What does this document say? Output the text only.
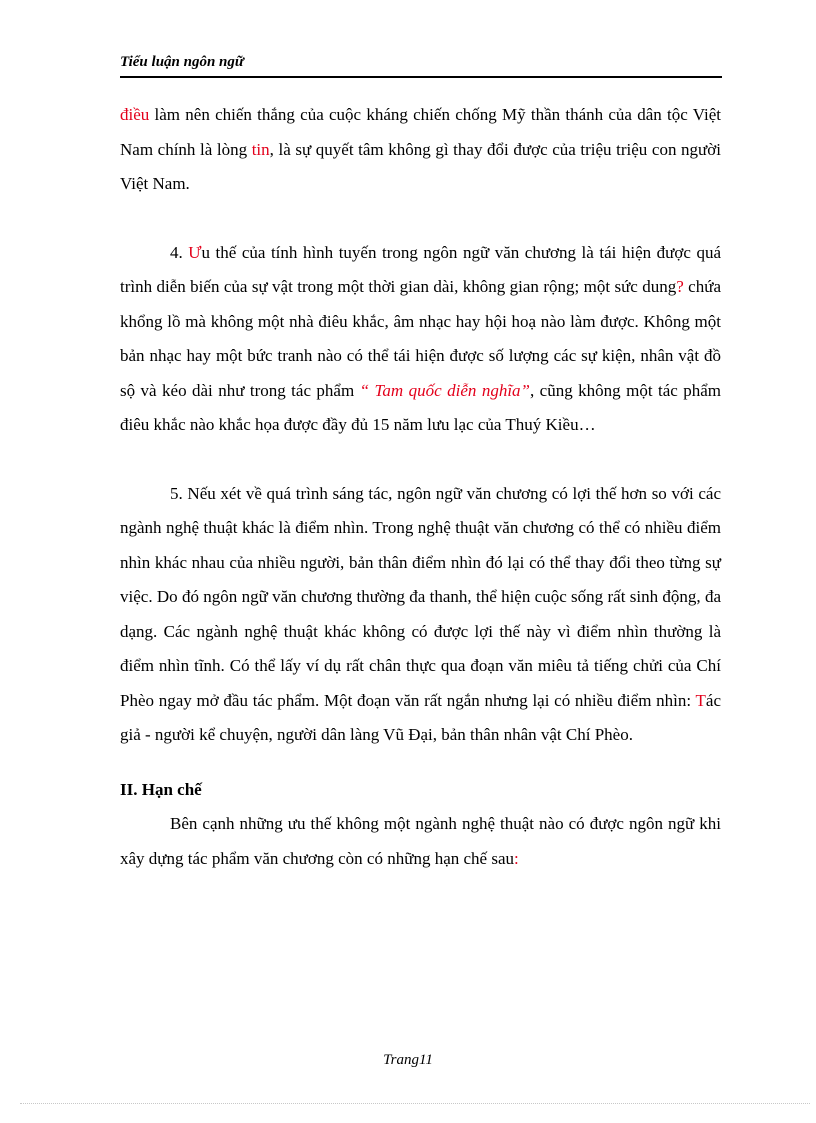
Tiểu luận ngôn ngữ

điều làm nên chiến thắng của cuộc kháng chiến chống Mỹ thần thánh của dân tộc Việt Nam chính là lòng tin, là sự quyết tâm không gì thay đổi được của triệu triệu con người Việt Nam.

4. Ưu thế của tính hình tuyến trong ngôn ngữ văn chương là tái hiện được quá trình diễn biến của sự vật trong một thời gian dài, không gian rộng; một sức dung? chứa khổng lồ mà không một nhà điêu khắc, âm nhạc hay hội hoạ nào làm được. Không một bản nhạc hay một bức tranh nào có thể tái hiện được số lượng các sự kiện, nhân vật đồ sộ và kéo dài như trong tác phẩm “ Tam quốc diễn nghĩa”, cũng không một tác phẩm điêu khắc nào khắc họa được đầy đủ 15 năm lưu lạc của Thuý Kiều…

5. Nếu xét về quá trình sáng tác, ngôn ngữ văn chương có lợi thế hơn so với các ngành nghệ thuật khác là điểm nhìn. Trong nghệ thuật văn chương có thể có nhiều điểm nhìn khác nhau của nhiều người, bản thân điểm nhìn đó lại có thể thay đổi theo từng sự việc. Do đó ngôn ngữ văn chương thường đa thanh, thể hiện cuộc sống rất sinh động, đa dạng. Các ngành nghệ thuật khác không có được lợi thế này vì điểm nhìn thường là điểm nhìn tĩnh. Có thể lấy ví dụ rất chân thực qua đoạn văn miêu tả tiếng chửi của Chí Phèo ngay mở đầu tác phẩm. Một đoạn văn rất ngắn nhưng lại có nhiều điểm nhìn: Tác giả - người kể chuyện, người dân làng Vũ Đại, bản thân nhân vật Chí Phèo.

II. Hạn chế

Bên cạnh những ưu thế không một ngành nghệ thuật nào có được ngôn ngữ khi xây dựng tác phẩm văn chương còn có những hạn chế sau:

Trang11
